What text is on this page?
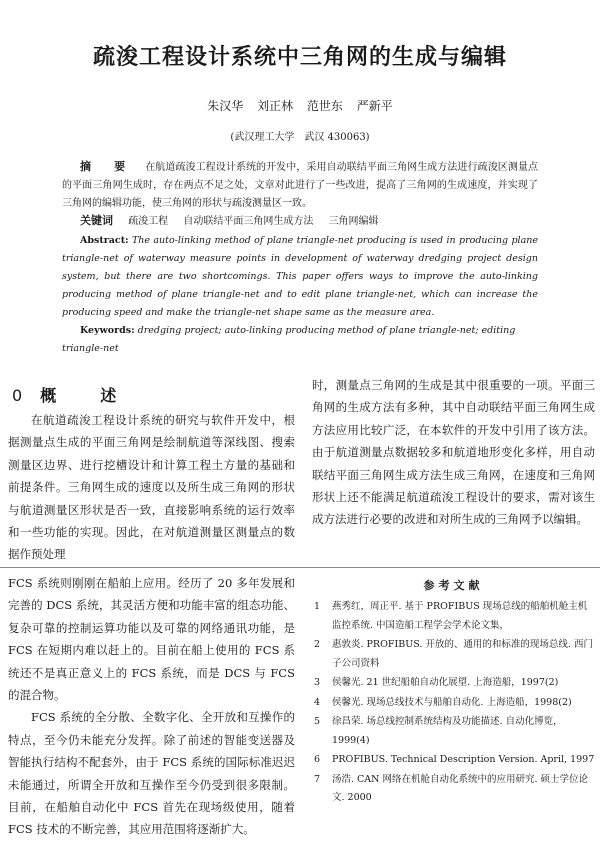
疏浚工程设计系统中三角网的生成与编辑
朱汉华 刘正林 范世东 严新平
(武汉理工大学　武汉 430063)
摘　要 在航道疏浚工程设计系统的开发中，采用自动联结平面三角网生成方法进行疏浚区测量点的平面三角网生成时，存在两点不足之处，文章对此进行了一些改进，提高了三角网的生成速度，并实现了三角网的编辑功能，使三角网的形状与疏浚测量区一致。
关键词 疏浚工程 自动联结平面三角网生成方法 三角网编辑
Abstract: The auto-linking method of plane triangle-net producing is used in producing plane triangle-net of waterway measure points in development of waterway dredging project design system, but there are two shortcomings. This paper offers ways to improve the auto-linking producing method of plane triangle-net and to edit plane triangle-net, which can increase the producing speed and make the triangle-net shape same as the measure area.
Keywords: dredging project; auto-linking producing method of plane triangle-net; editing triangle-net
0 概　述

在航道疏浚工程设计系统的研究与软件开发中，根据测量点生成的平面三角网是绘制航道等深线图、搜索测量区边界、进行挖槽设计和计算工程土方量的基础和前提条件。三角网生成的速度以及所生成三角网的形状与航道测量区形状是否一致，直接影响系统的运行效率和一些功能的实现。因此，在对航道测量区测量点的数据作预处理

时，测量点三角网的生成是其中很重要的一项。平面三角网的生成方法有多种，其中自动联结平面三角网生成方法应用比较广泛，在本软件的开发中引用了该方法。由于航道测量点数据较多和航道地形变化多样，用自动联结平面三角网生成方法生成三角网，在速度和三角网形状上还不能满足航道疏浚工程设计的要求，需对该生成方法进行必要的改进和对所生成的三角网予以编辑。

FCS 系统则刚刚在船舶上应用。经历了 20 多年发展和完善的 DCS 系统，其灵活方便和功能丰富的组态功能、复杂可靠的控制运算功能以及可靠的网络通讯功能，是 FCS 在短期内难以赶上的。目前在船上使用的 FCS 系统还不是真正意义上的 FCS 系统，而是 DCS 与 FCS 的混合物。

FCS 系统的全分散、全数字化、全开放和互操作的特点，至今仍未能充分发挥。除了前述的智能变送器及智能执行结构不配套外，由于 FCS 系统的国际标准迟迟未能通过，所谓全开放和互操作至今仍受到很多限制。目前，在船舶自动化中 FCS 首先在现场级使用，随着 FCS 技术的不断完善，其应用范围将逐渐扩大。

参考文献
1 燕秀红，周正平. 基于 PROFIBUS 现场总线的船舶机舱主机监控系统. 中国造船工程学会学术论文集，
2 惠敦炎. PROFIBUS. 开放的、通用的和标准的现场总线. 西门子公司资料
3 侯馨光. 21 世纪船舶自动化展望. 上海造船，1997(2)
4 侯馨光. 现场总线技术与船舶自动化. 上海造船，1998(2)
5 徐昌荣. 场总线控制系统结构及功能描述. 自动化博览，1999(4)
6 PROFIBUS. Technical Description Version. April, 1997
7 汤浩. CAN 网络在机舱自动化系统中的应用研究. 硕士学位论文. 2000
